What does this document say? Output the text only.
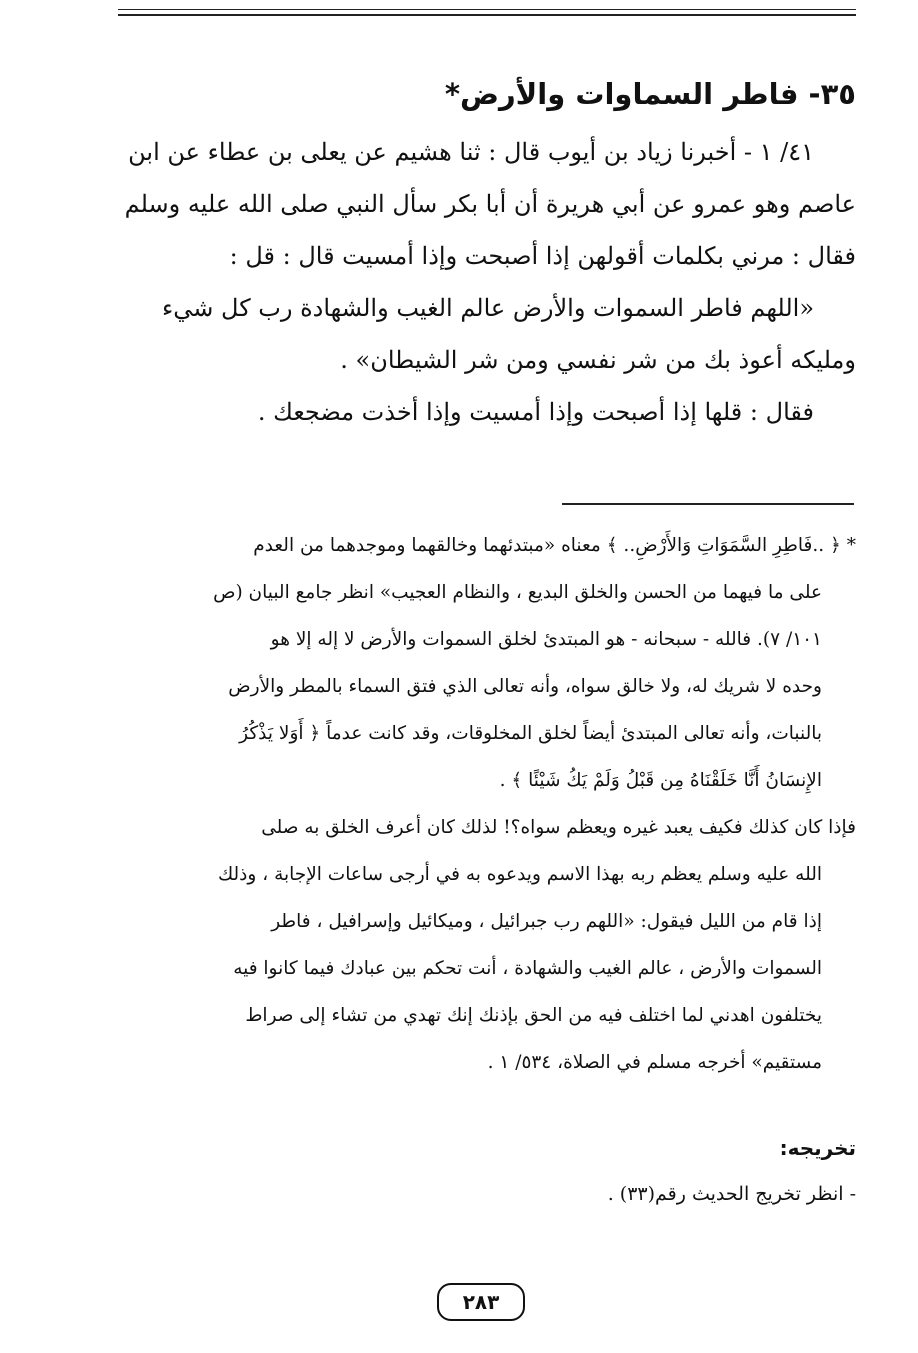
٣٥- فاطر السماوات والأرض*

٤١/ ١ - أخبرنا زياد بن أيوب قال : ثنا هشيم عن يعلى بن عطاء عن ابن

عاصم وهو عمرو عن أبي هريرة أن أبا بكر سأل النبي صلى الله عليه وسلم

فقال : مرني بكلمات أقولهن إذا أصبحت وإذا أمسيت قال : قل :

«اللهم فاطر السموات والأرض عالم الغيب والشهادة رب كل شيء

ومليكه أعوذ بك من شر نفسي ومن شر الشيطان» .

فقال : قلها إذا أصبحت وإذا أمسيت وإذا أخذت مضجعك .

* ﴿ ..فَاطِرِ السَّمَوَاتِ وَالأَرْضِ.. ﴾ معناه «مبتدئهما وخالقهما وموجدهما من العدم

على ما فيهما من الحسن والخلق البديع ، والنظام العجيب» انظر جامع البيان (ص

١٠١/ ٧). فالله - سبحانه - هو المبتدئ لخلق السموات والأرض لا إله إلا هو

وحده لا شريك له، ولا خالق سواه، وأنه تعالى الذي فتق السماء بالمطر والأرض

بالنبات، وأنه تعالى المبتدئ أيضاً لخلق المخلوقات، وقد كانت عدماً ﴿ أَوَلا يَذْكُرُ

الإِنسَانُ أَنَّا خَلَقْنَاهُ مِن قَبْلُ وَلَمْ يَكُ شَيْئًا ﴾ .

فإذا كان كذلك فكيف يعبد غيره ويعظم سواه؟! لذلك كان أعرف الخلق به صلى

الله عليه وسلم يعظم ربه بهذا الاسم ويدعوه به في أرجى ساعات الإجابة ، وذلك

إذا قام من الليل فيقول: «اللهم رب جبرائيل ، وميكائيل وإسرافيل ، فاطر

السموات والأرض ، عالم الغيب والشهادة ، أنت تحكم بين عبادك فيما كانوا فيه

يختلفون اهدني لما اختلف فيه من الحق بإذنك إنك تهدي من تشاء إلى صراط

مستقيم» أخرجه مسلم في الصلاة، ٥٣٤/ ١ .

تخريجه:
- انظر تخريج الحديث رقم(٣٣) .
٢٨٣
